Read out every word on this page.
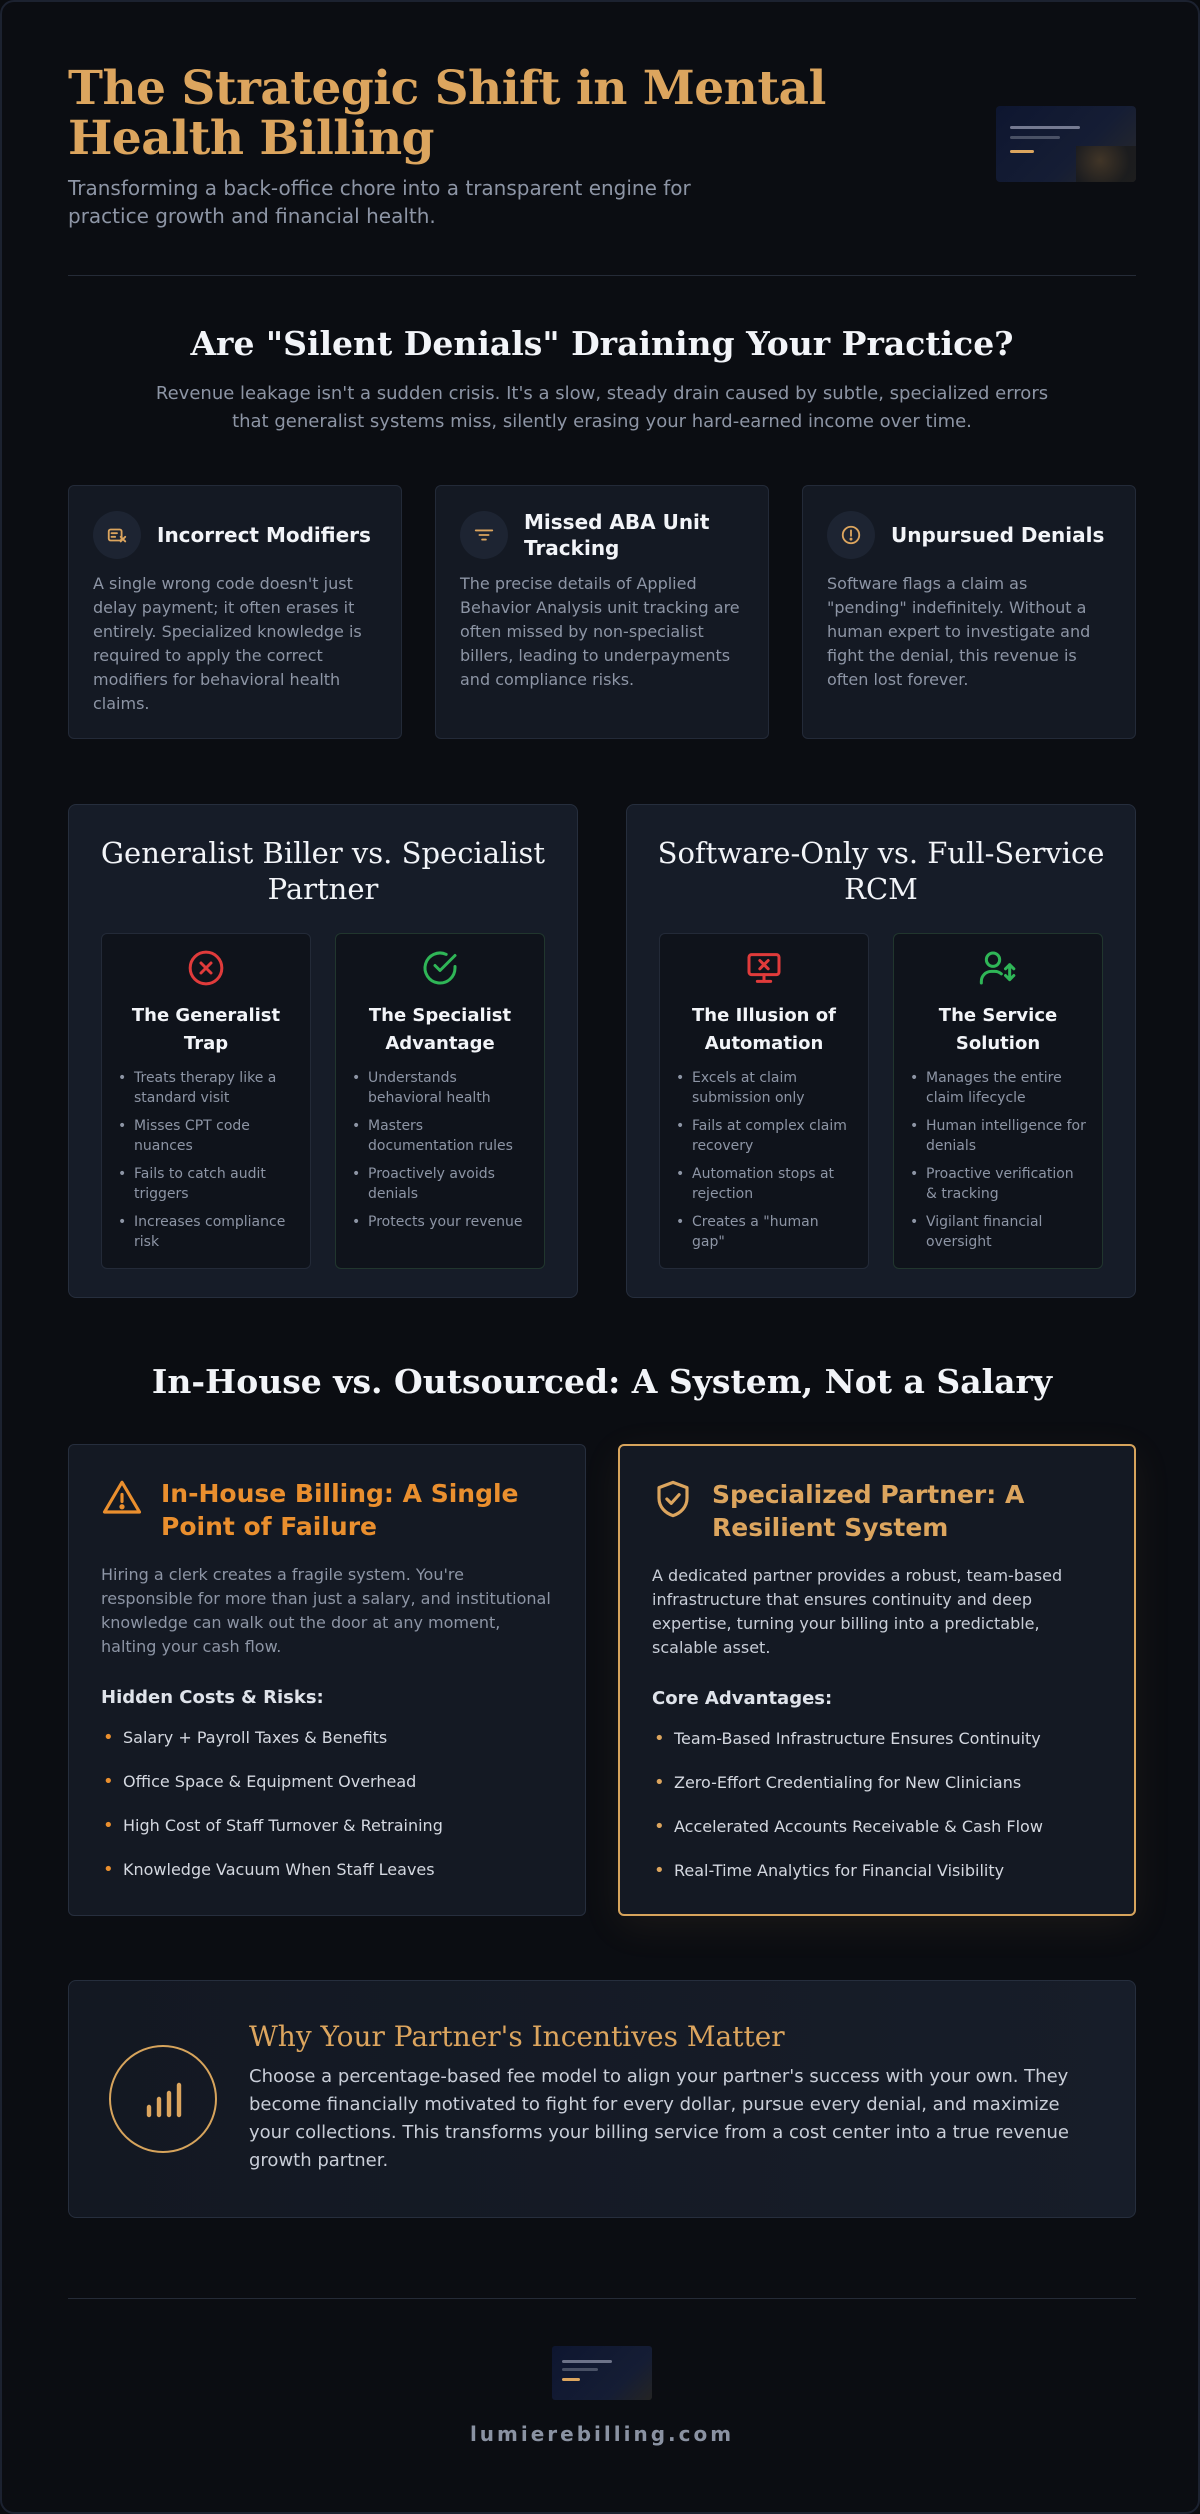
The Strategic Shift in Mental Health Billing

Transforming a back-office chore into a transparent engine for practice growth and financial health.

Are "Silent Denials" Draining Your Practice?

Revenue leakage isn't a sudden crisis. It's a slow, steady drain caused by subtle, specialized errors that generalist systems miss, silently erasing your hard-earned income over time.

Incorrect Modifiers

A single wrong code doesn't just delay payment; it often erases it entirely. Specialized knowledge is required to apply the correct modifiers for behavioral health claims.

Missed ABA Unit Tracking

The precise details of Applied Behavior Analysis unit tracking are often missed by non-specialist billers, leading to underpayments and compliance risks.

Unpursued Denials

Software flags a claim as "pending" indefinitely. Without a human expert to investigate and fight the denial, this revenue is often lost forever.

Generalist Biller vs. Specialist Partner
The Generalist Trap
• Treats therapy like a standard visit
• Misses CPT code nuances
• Fails to catch audit triggers
• Increases compliance risk
The Specialist Advantage
• Understands behavioral health
• Masters documentation rules
• Proactively avoids denials
• Protects your revenue
Software-Only vs. Full-Service RCM
The Illusion of Automation
• Excels at claim submission only
• Fails at complex claim recovery
• Automation stops at rejection
• Creates a "human gap"
The Service Solution
• Manages the entire claim lifecycle
• Human intelligence for denials
• Proactive verification & tracking
• Vigilant financial oversight
In-House vs. Outsourced: A System, Not a Salary
In-House Billing: A Single Point of Failure

Hiring a clerk creates a fragile system. You're responsible for more than just a salary, and institutional knowledge can walk out the door at any moment, halting your cash flow.

Hidden Costs & Risks:
• Salary + Payroll Taxes & Benefits
• Office Space & Equipment Overhead
• High Cost of Staff Turnover & Retraining
• Knowledge Vacuum When Staff Leaves
Specialized Partner: A Resilient System

A dedicated partner provides a robust, team-based infrastructure that ensures continuity and deep expertise, turning your billing into a predictable, scalable asset.

Core Advantages:
• Team-Based Infrastructure Ensures Continuity
• Zero-Effort Credentialing for New Clinicians
• Accelerated Accounts Receivable & Cash Flow
• Real-Time Analytics for Financial Visibility
Why Your Partner's Incentives Matter

Choose a percentage-based fee model to align your partner's success with your own. They become financially motivated to fight for every dollar, pursue every denial, and maximize your collections. This transforms your billing service from a cost center into a true revenue growth partner.

lumierebilling.com
